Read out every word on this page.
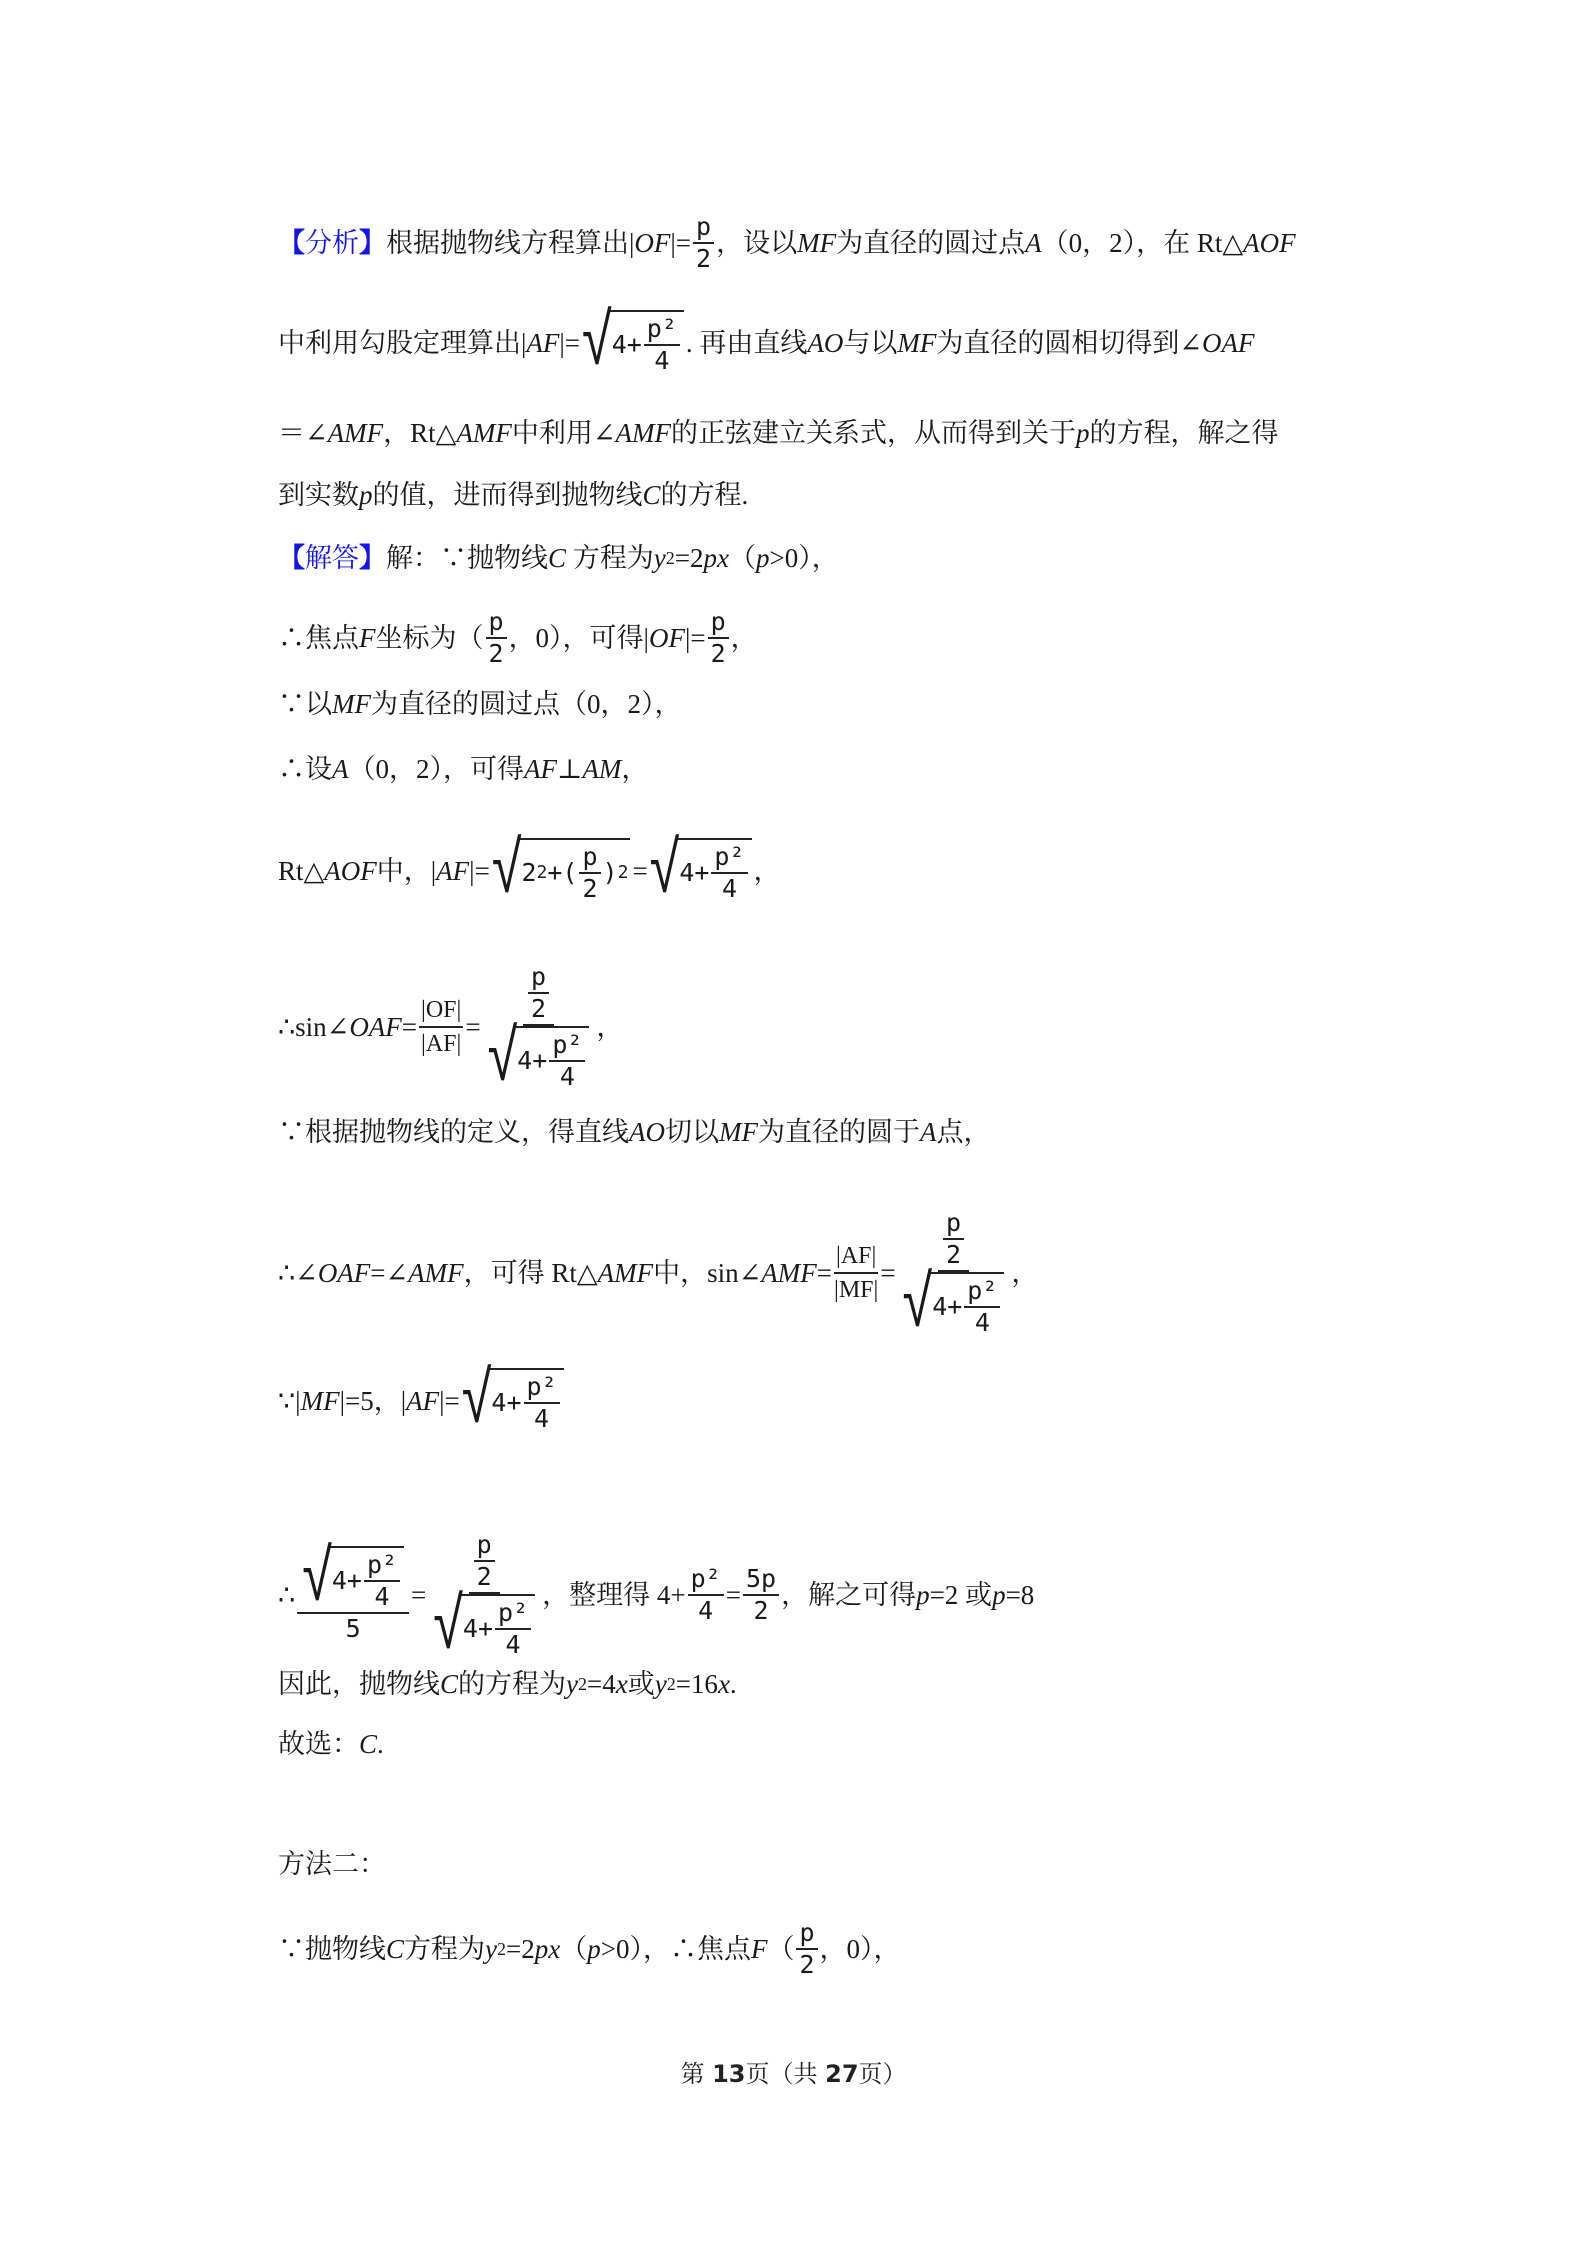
【分析】 根据抛物线方程算出| OF |= $\frac{p}{2}$ ，设以 MF 为直径的圆过点 A （0，2），在 Rt△ AOF
中利用勾股定理算出| AF |= √ $4+ \frac{\text{p²}}{4}$ . 再由直线 AO 与以 MF 为直径的圆相切得到∠ OAF
＝∠ AMF ，Rt△ AMF 中利用∠ AMF 的正弦建立关系式，从而得到关于 p 的方程，解之得
到实数 p 的值，进而得到抛物线 C 的方程.
【解答】 解：∵抛物线 C
方程为 y 2 =2 px （ p >0），
∴焦点 F 坐标为（ $\frac{p}{2}$ ，0），可得| OF |= $\frac{p}{2}$ ，
∵以 MF 为直径的圆过点（0，2），
∴设 A （0，2），可得 AF⊥AM ，
Rt△ AOF 中，| AF |= √ 2 2 +( $\frac{p}{2}$ ) 2 = √ $4+ \frac{\text{p²}}{4}$ ，
∴sin∠ OAF = $\frac{|OF|}{|AF|} = \frac{\frac{p}{2}}{√ 4+ \frac{\text{p²}}{4}}$ ，
∵根据抛物线的定义，得直线 AO 切以 MF 为直径的圆于 A 点，
∴∠ OAF =∠ AMF ，可得 Rt△ AMF 中，sin∠ AMF = $\frac{|AF|}{|MF|} = \frac{\frac{p}{2}}{√ 4+ \frac{\text{p²}}{4}}$ ，
∵| MF |=5，| AF |= √ $4+ \frac{\text{p²}}{4}$
∴ $\frac{√ 4+ \frac{\text{p²}}{4}}{5} = \frac{\frac{p}{2}}{√ 4+ \frac{\text{p²}}{4}}$ ，整理得 $4+ \frac{\text{p²}}{4} = \frac{5p}{2}$ ，解之可得 p =2 或 p =8
因此，抛物线 C 的方程为 y 2 =4 x 或 y 2 =16 x .
故选： C .
方法二：
∵抛物线 C 方程为 y 2 =2 px （ p >0），∴焦点 F （ $\frac{p}{2}$ ，0），
第 13页（共 27页）
